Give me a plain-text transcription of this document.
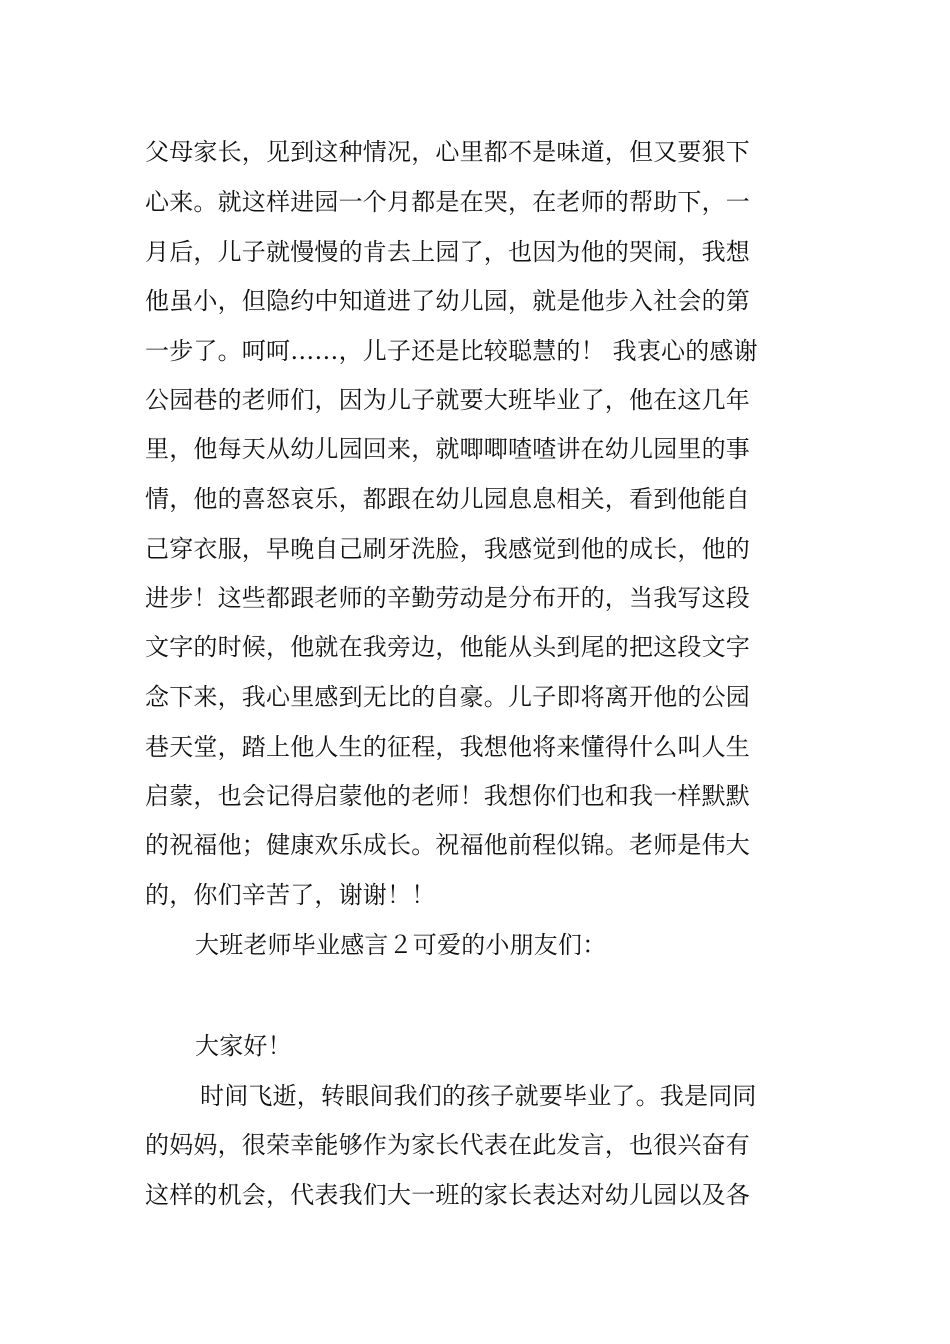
父母家长，见到这种情况，心里都不是味道，但又要狠下
心来。就这样进园一个月都是在哭，在老师的帮助下，一
月后，儿子就慢慢的肯去上园了，也因为他的哭闹，我想
他虽小，但隐约中知道进了幼儿园，就是他步入社会的第
一步了。呵呵……，儿子还是比较聪慧的！ 我衷心的感谢
公园巷的老师们，因为儿子就要大班毕业了，他在这几年
里，他每天从幼儿园回来，就唧唧喳喳讲在幼儿园里的事
情，他的喜怒哀乐，都跟在幼儿园息息相关，看到他能自
己穿衣服，早晚自己刷牙洗脸，我感觉到他的成长，他的
进步！这些都跟老师的辛勤劳动是分布开的，当我写这段
文字的时候，他就在我旁边，他能从头到尾的把这段文字
念下来，我心里感到无比的自豪。儿子即将离开他的公园
巷天堂，踏上他人生的征程，我想他将来懂得什么叫人生
启蒙，也会记得启蒙他的老师！我想你们也和我一样默默
的祝福他；健康欢乐成长。祝福他前程似锦。老师是伟大
的，你们辛苦了，谢谢！！
大班老师毕业感言２可爱的小朋友们：
大家好！
时间飞逝，转眼间我们的孩子就要毕业了。我是同同
的妈妈，很荣幸能够作为家长代表在此发言，也很兴奋有
这样的机会，代表我们大一班的家长表达对幼儿园以及各
